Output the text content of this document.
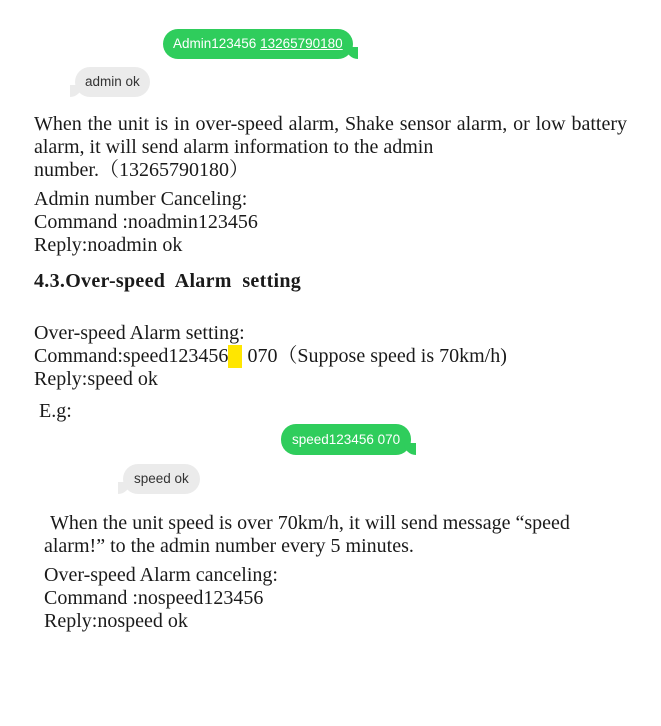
Admin123456 13265790180
admin ok
When the unit is in over-speed alarm, Shake sensor alarm, or low battery alarm, it will send alarm information to the admin
number.（13265790180）
Admin number Canceling:
Command :noadmin123456
Reply:noadmin ok
4.3.Over-speed  Alarm  setting
Over-speed Alarm setting:
Command:speed123456  070（Suppose speed is 70km/h)
Reply:speed ok
E.g:
speed123456 070
speed ok
When the unit speed is over 70km/h, it will send message “speed
alarm!” to the admin number every 5 minutes.
Over-speed Alarm canceling:
Command :nospeed123456
Reply:nospeed ok
